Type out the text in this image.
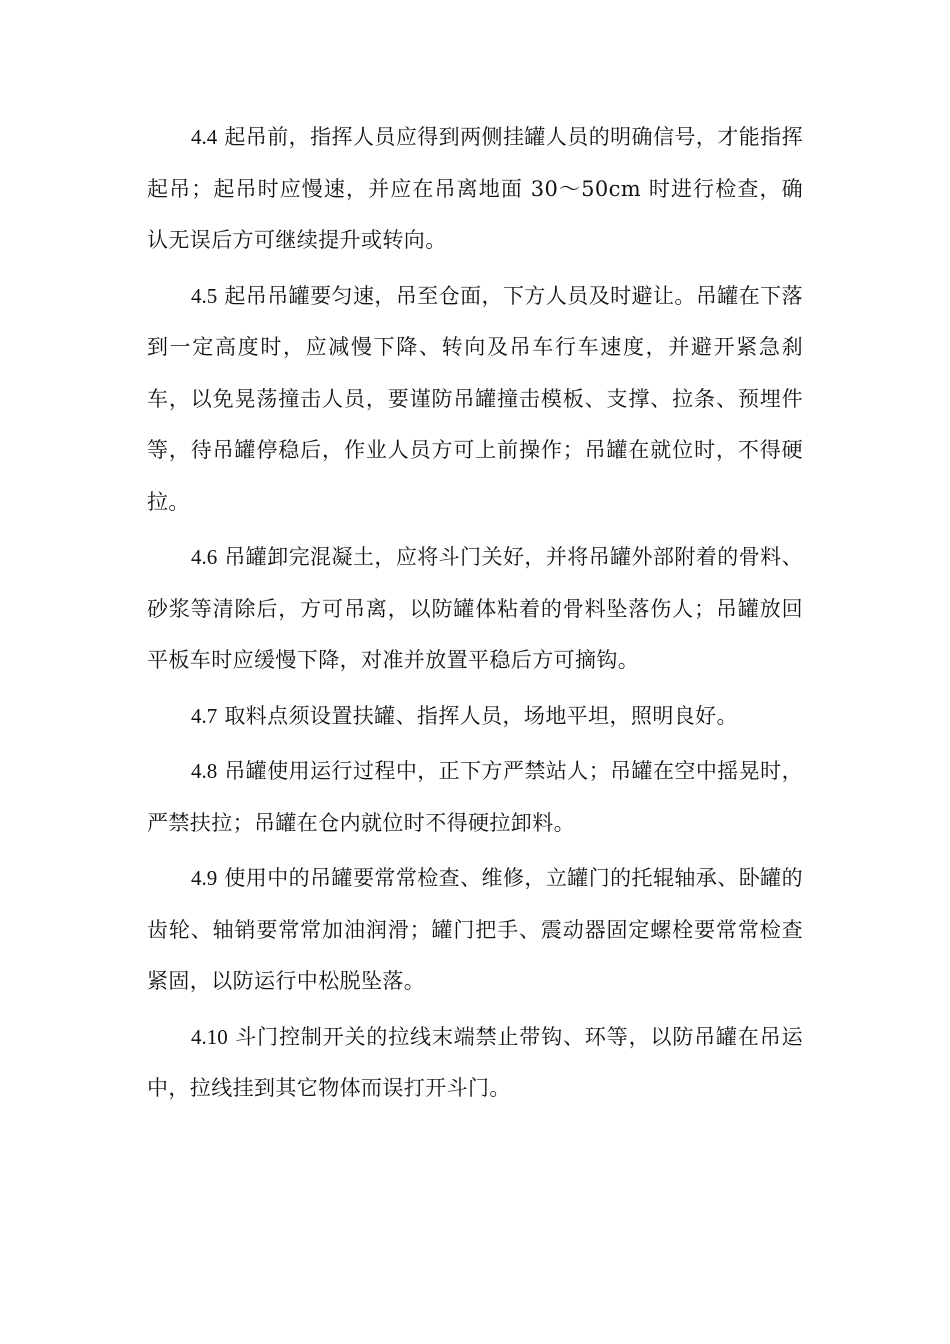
4.4 起吊前，指挥人员应得到两侧挂罐人员的明确信号，才能指挥起吊；起吊时应慢速，并应在吊离地面 30～50cm 时进行检查，确认无误后方可继续提升或转向。

4.5 起吊吊罐要匀速，吊至仓面，下方人员及时避让。吊罐在下落到一定高度时，应减慢下降、转向及吊车行车速度，并避开紧急刹车，以免晃荡撞击人员，要谨防吊罐撞击模板、支撑、拉条、预埋件等，待吊罐停稳后，作业人员方可上前操作；吊罐在就位时，不得硬拉。

4.6 吊罐卸完混凝土，应将斗门关好，并将吊罐外部附着的骨料、砂浆等清除后，方可吊离，以防罐体粘着的骨料坠落伤人；吊罐放回平板车时应缓慢下降，对准并放置平稳后方可摘钩。

4.7 取料点须设置扶罐、指挥人员，场地平坦，照明良好。

4.8 吊罐使用运行过程中，正下方严禁站人；吊罐在空中摇晃时，严禁扶拉；吊罐在仓内就位时不得硬拉卸料。

4.9 使用中的吊罐要常常检查、维修，立罐门的托辊轴承、卧罐的齿轮、轴销要常常加油润滑；罐门把手、震动器固定螺栓要常常检查紧固，以防运行中松脱坠落。

4.10 斗门控制开关的拉线末端禁止带钩、环等，以防吊罐在吊运中，拉线挂到其它物体而误打开斗门。
